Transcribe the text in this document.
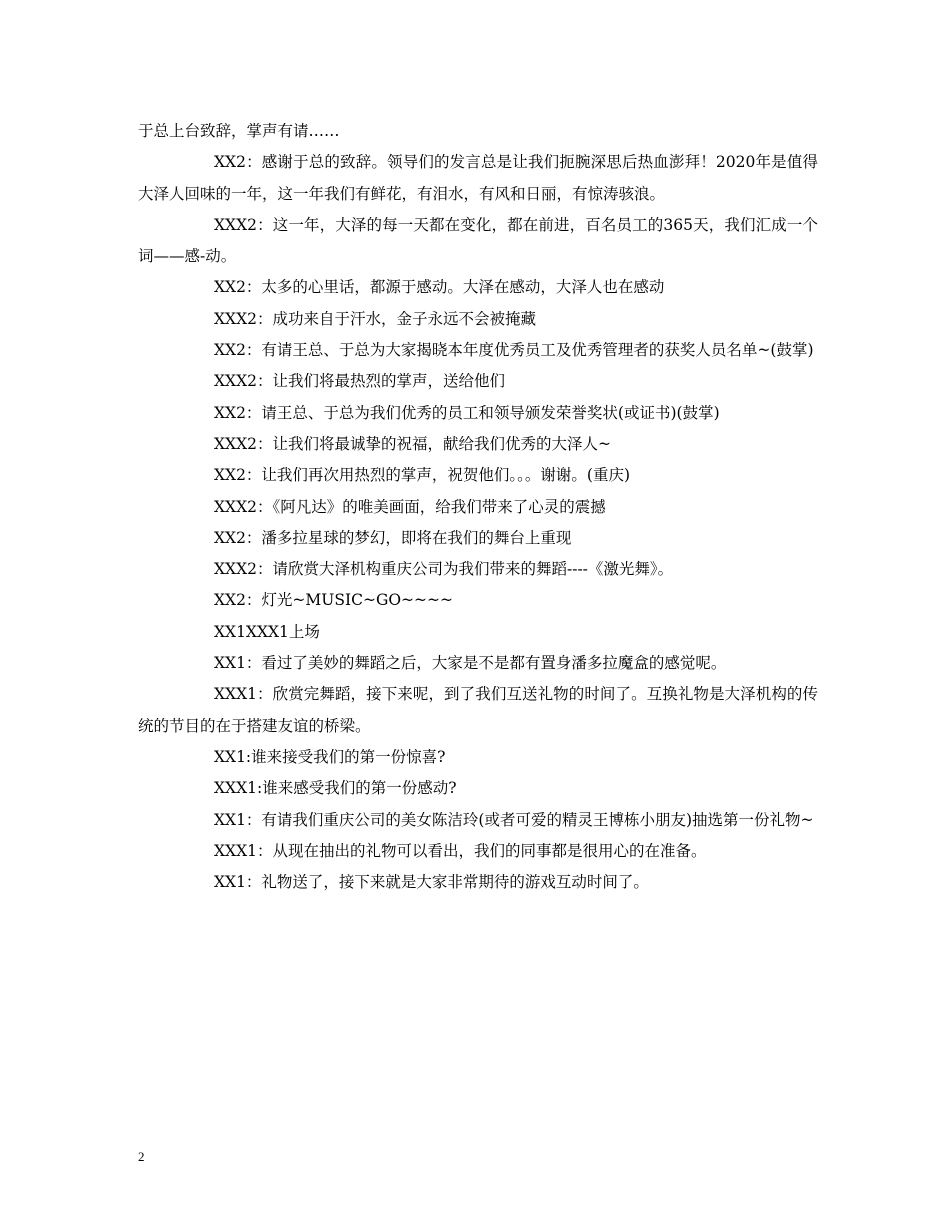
于总上台致辞，掌声有请……

XX2：感谢于总的致辞。领导们的发言总是让我们扼腕深思后热血澎拜！2020年是值得大泽人回味的一年，这一年我们有鲜花，有泪水，有风和日丽，有惊涛骇浪。

XXX2：这一年，大泽的每一天都在变化，都在前进，百名员工的365天，我们汇成一个词——感-动。

XX2：太多的心里话，都源于感动。大泽在感动，大泽人也在感动

XXX2：成功来自于汗水，金子永远不会被掩藏

XX2：有请王总、于总为大家揭晓本年度优秀员工及优秀管理者的获奖人员名单~(鼓掌)

XXX2：让我们将最热烈的掌声，送给他们

XX2：请王总、于总为我们优秀的员工和领导颁发荣誉奖状(或证书)(鼓掌)

XXX2：让我们将最诚挚的祝福，献给我们优秀的大泽人~

XX2：让我们再次用热烈的掌声，祝贺他们。。。谢谢。(重庆)

XXX2：《阿凡达》的唯美画面，给我们带来了心灵的震撼

XX2：潘多拉星球的梦幻，即将在我们的舞台上重现

XXX2：请欣赏大泽机构重庆公司为我们带来的舞蹈----《激光舞》。

XX2：灯光~MUSIC~GO~~~~

XX1XXX1上场

XX1：看过了美妙的舞蹈之后，大家是不是都有置身潘多拉魔盒的感觉呢。

XXX1：欣赏完舞蹈，接下来呢，到了我们互送礼物的时间了。互换礼物是大泽机构的传统的节目的在于搭建友谊的桥梁。

XX1:谁来接受我们的第一份惊喜?

XXX1:谁来感受我们的第一份感动?

XX1：有请我们重庆公司的美女陈洁玲(或者可爱的精灵王博栋小朋友)抽选第一份礼物~

XXX1：从现在抽出的礼物可以看出，我们的同事都是很用心的在准备。

XX1：礼物送了，接下来就是大家非常期待的游戏互动时间了。

2
